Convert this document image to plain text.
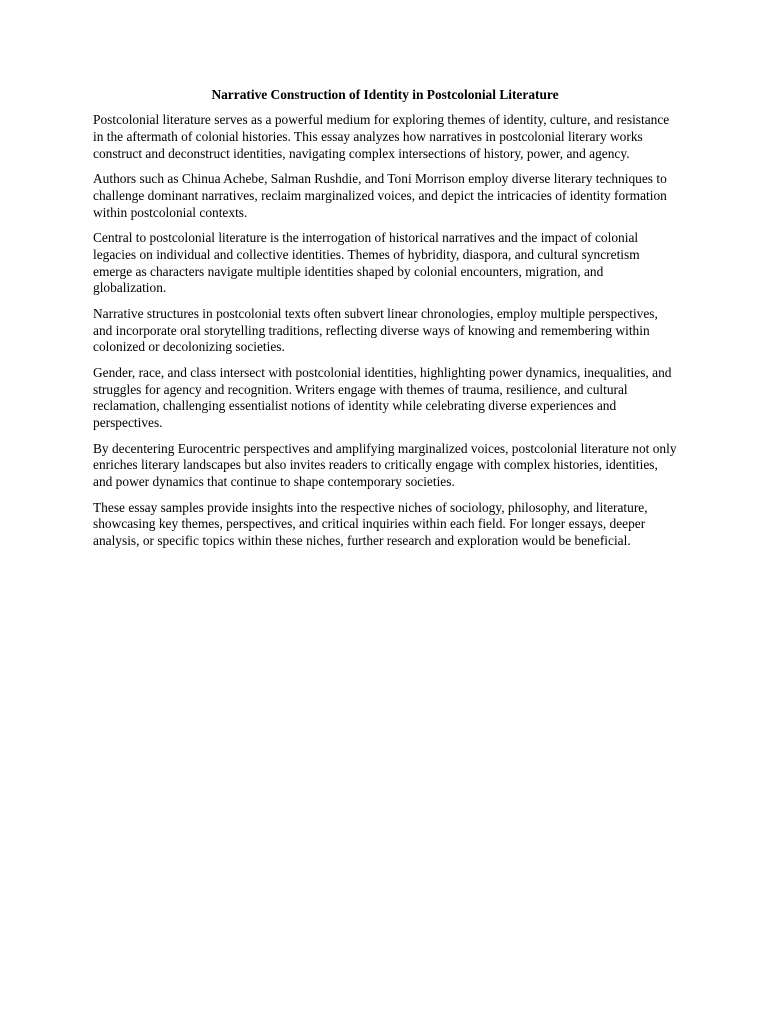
Narrative Construction of Identity in Postcolonial Literature

Postcolonial literature serves as a powerful medium for exploring themes of identity, culture, and resistance in the aftermath of colonial histories. This essay analyzes how narratives in postcolonial literary works construct and deconstruct identities, navigating complex intersections of history, power, and agency.

Authors such as Chinua Achebe, Salman Rushdie, and Toni Morrison employ diverse literary techniques to challenge dominant narratives, reclaim marginalized voices, and depict the intricacies of identity formation within postcolonial contexts.

Central to postcolonial literature is the interrogation of historical narratives and the impact of colonial legacies on individual and collective identities. Themes of hybridity, diaspora, and cultural syncretism emerge as characters navigate multiple identities shaped by colonial encounters, migration, and globalization.

Narrative structures in postcolonial texts often subvert linear chronologies, employ multiple perspectives, and incorporate oral storytelling traditions, reflecting diverse ways of knowing and remembering within colonized or decolonizing societies.

Gender, race, and class intersect with postcolonial identities, highlighting power dynamics, inequalities, and struggles for agency and recognition. Writers engage with themes of trauma, resilience, and cultural reclamation, challenging essentialist notions of identity while celebrating diverse experiences and perspectives.

By decentering Eurocentric perspectives and amplifying marginalized voices, postcolonial literature not only enriches literary landscapes but also invites readers to critically engage with complex histories, identities, and power dynamics that continue to shape contemporary societies.

These essay samples provide insights into the respective niches of sociology, philosophy, and literature, showcasing key themes, perspectives, and critical inquiries within each field. For longer essays, deeper analysis, or specific topics within these niches, further research and exploration would be beneficial.
